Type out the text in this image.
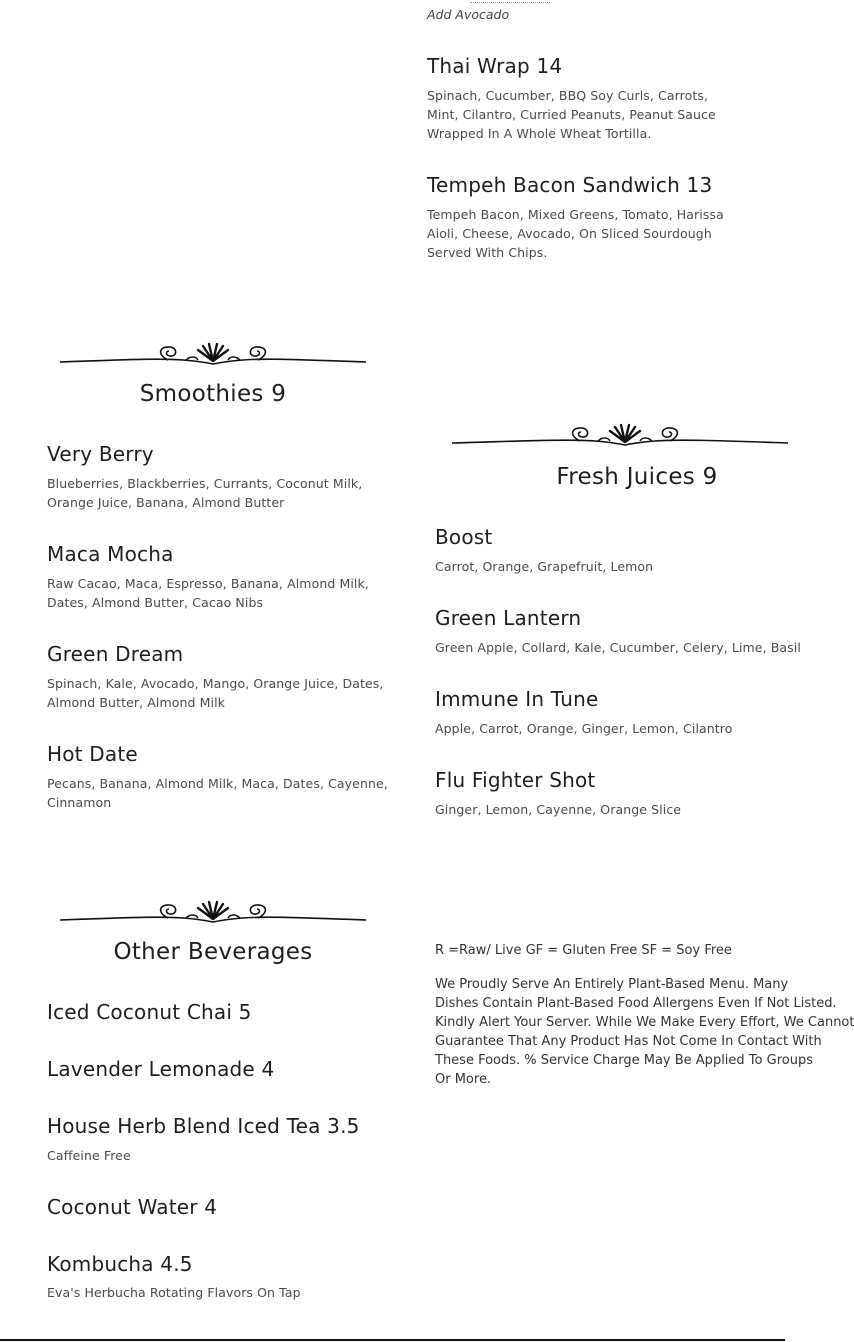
Add Avocado
Thai Wrap 14
Spinach, Cucumber, BBQ Soy Curls, Carrots,
Mint, Cilantro, Curried Peanuts, Peanut Sauce
Wrapped In A Whole Wheat Tortilla.
Tempeh Bacon Sandwich 13
Tempeh Bacon, Mixed Greens, Tomato, Harissa
Aioli, Cheese, Avocado, On Sliced Sourdough
Served With Chips.
Smoothies 9
Very Berry
Blueberries, Blackberries, Currants, Coconut Milk,
Orange Juice, Banana, Almond Butter
Maca Mocha
Raw Cacao, Maca, Espresso, Banana, Almond Milk,
Dates, Almond Butter, Cacao Nibs
Green Dream
Spinach, Kale, Avocado, Mango, Orange Juice, Dates,
Almond Butter, Almond Milk
Hot Date
Pecans, Banana, Almond Milk, Maca, Dates, Cayenne,
Cinnamon
Fresh Juices 9
Boost
Carrot, Orange, Grapefruit, Lemon
Green Lantern
Green Apple, Collard, Kale, Cucumber, Celery, Lime, Basil
Immune In Tune
Apple, Carrot, Orange, Ginger, Lemon, Cilantro
Flu Fighter Shot
Ginger, Lemon, Cayenne, Orange Slice
Other Beverages
Iced Coconut Chai 5
Lavender Lemonade 4
House Herb Blend Iced Tea 3.5
Caffeine Free
Coconut Water 4
Kombucha 4.5
Eva's Herbucha Rotating Flavors On Tap
R =Raw/ Live GF = Gluten Free SF = Soy Free
We Proudly Serve An Entirely Plant-Based Menu. Many
Dishes Contain Plant-Based Food Allergens Even If Not Listed.
Kindly Alert Your Server. While We Make Every Effort, We Cannot
Guarantee That Any Product Has Not Come In Contact With
These Foods. % Service Charge May Be Applied To Groups
Or More.
